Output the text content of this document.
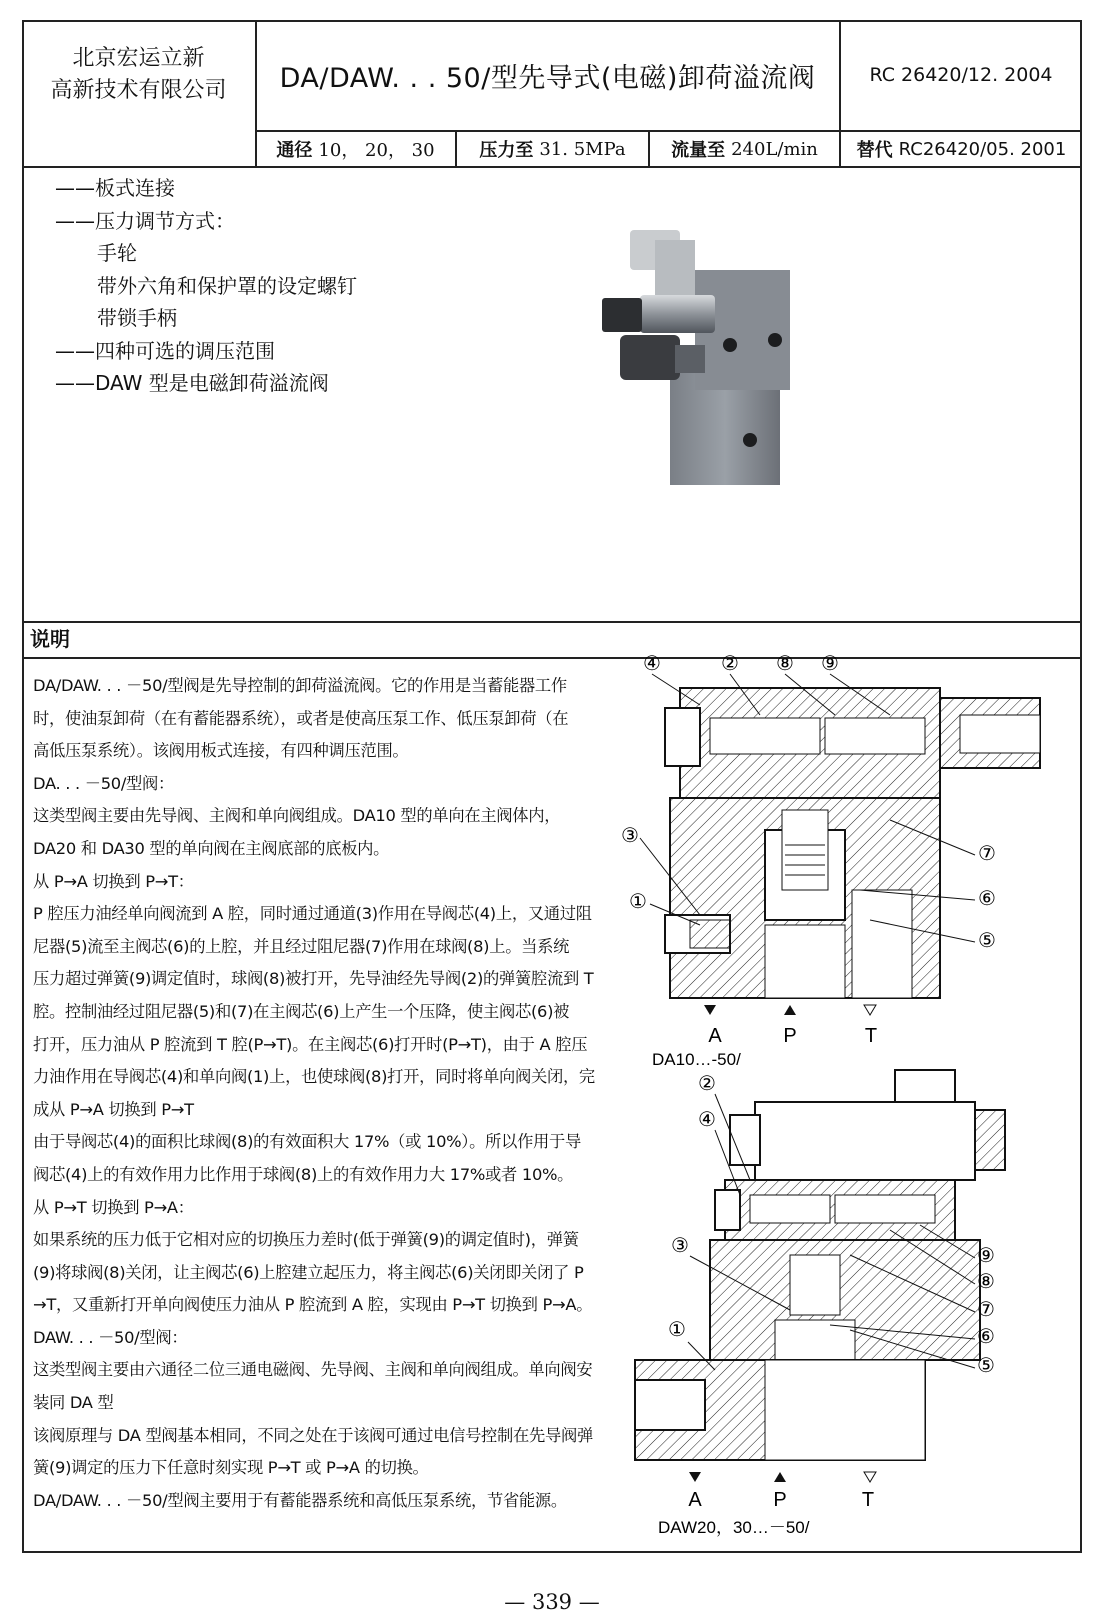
北京宏运立新
高新技术有限公司	DA/DAW. . . 50/型先导式(电磁)卸荷溢流阀	RC 26420/12. 2004
通径 10， 20， 30 压力至 31. 5MPa	流量至 240L/min 替代 RC26420/05. 2001
——板式连接
——压力调节方式：
手轮
带外六角和保护罩的设定螺钉
带锁手柄
——四种可选的调压范围
——DAW 型是电磁卸荷溢流阀
说明

DA/DAW. . . －50/型阀是先导控制的卸荷溢流阀。它的作用是当蓄能器工作

时，使油泵卸荷（在有蓄能器系统），或者是使高压泵工作、低压泵卸荷（在

高低压泵系统）。该阀用板式连接，有四种调压范围。

DA. . . －50/型阀：

这类型阀主要由先导阀、主阀和单向阀组成。DA10 型的单向在主阀体内，

DA20 和 DA30 型的单向阀在主阀底部的底板内。

从 P→A 切换到 P→T：

P 腔压力油经单向阀流到 A 腔，同时通过通道(3)作用在导阀芯(4)上，又通过阻

尼器(5)流至主阀芯(6)的上腔，并且经过阻尼器(7)作用在球阀(8)上。当系统

压力超过弹簧(9)调定值时，球阀(8)被打开，先导油经先导阀(2)的弹簧腔流到 T

腔。控制油经过阻尼器(5)和(7)在主阀芯(6)上产生一个压降，使主阀芯(6)被

打开，压力油从 P 腔流到 T 腔(P→T)。在主阀芯(6)打开时(P→T)，由于 A 腔压

力油作用在导阀芯(4)和单向阀(1)上，也使球阀(8)打开，同时将单向阀关闭，完

成从 P→A 切换到 P→T

由于导阀芯(4)的面积比球阀(8)的有效面积大 17%（或 10%）。所以作用于导

阀芯(4)上的有效作用力比作用于球阀(8)上的有效作用力大 17%或者 10%。

从 P→T 切换到 P→A：

如果系统的压力低于它相对应的切换压力差时(低于弹簧(9)的调定值时)，弹簧

(9)将球阀(8)关闭，让主阀芯(6)上腔建立起压力，将主阀芯(6)关闭即关闭了 P

→T，又重新打开单向阀使压力油从 P 腔流到 A 腔，实现由 P→T 切换到 P→A。

DAW. . . －50/型阀：

这类型阀主要由六通径二位三通电磁阀、先导阀、主阀和单向阀组成。单向阀安

装同 DA 型

该阀原理与 DA 型阀基本相同，不同之处在于该阀可通过电信号控制在先导阀弹

簧(9)调定的压力下任意时刻实现 P→T 或 P→A 的切换。

DA/DAW. . . －50/型阀主要用于有蓄能器系统和高低压泵系统，节省能源。

④	② ⑧ ⑨
③
⑦
①	⑥
⑤
A	P	T
DA10…-50/
②
④
⑨
⑧
③
⑦
⑥
①
⑤
A	P	T
DAW20，30…－50/
— 339 —
